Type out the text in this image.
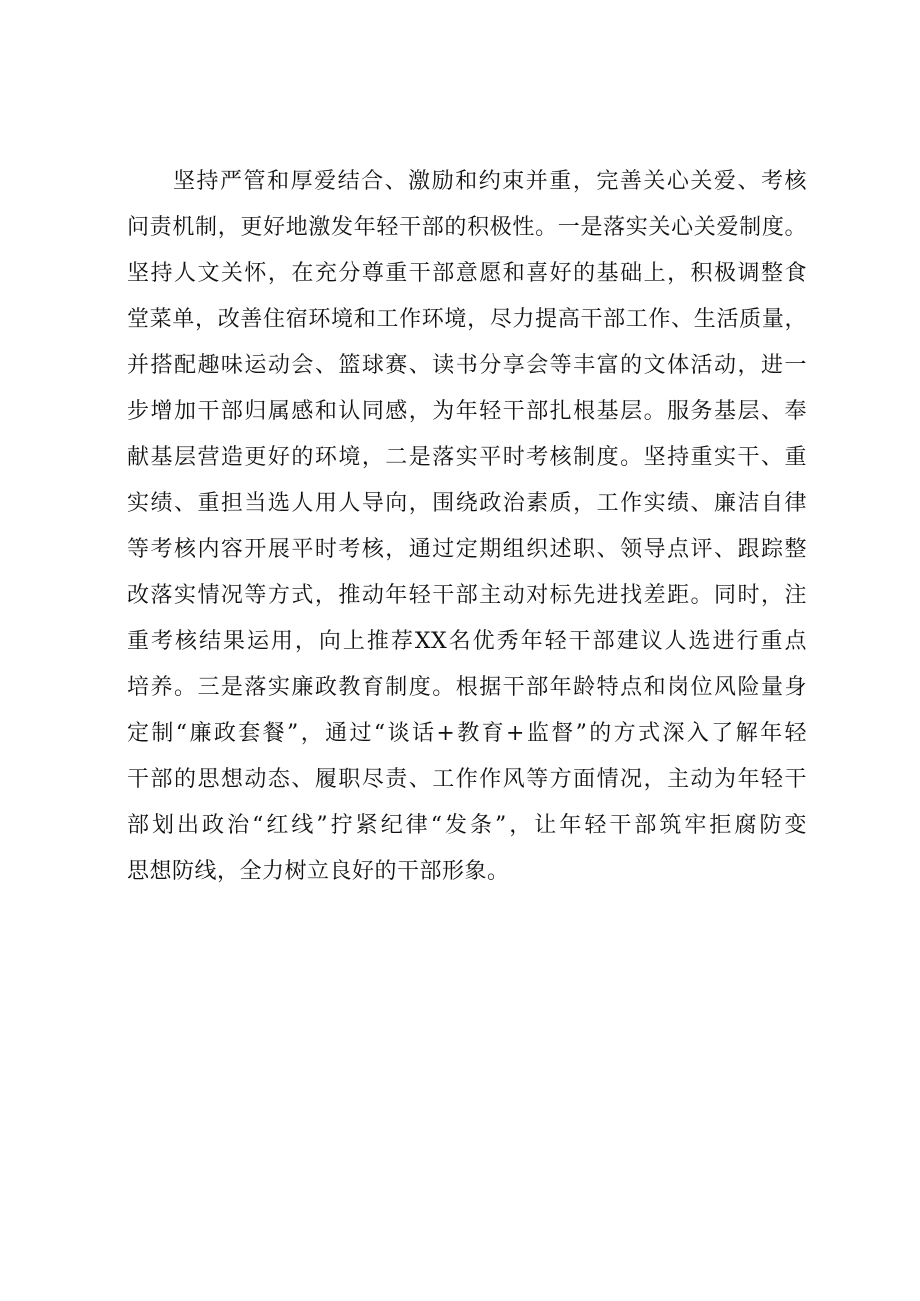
坚持严管和厚爱结合、激励和约束并重，完善关心关爱、考核
问责机制，更好地激发年轻干部的积极性。一是落实关心关爱制度。
坚持人文关怀，在充分尊重干部意愿和喜好的基础上，积极调整食
堂菜单，改善住宿环境和工作环境，尽力提高干部工作、生活质量，
并搭配趣味运动会、篮球赛、读书分享会等丰富的文体活动，进一
步增加干部归属感和认同感，为年轻干部扎根基层。服务基层、奉
献基层营造更好的环境，二是落实平时考核制度。坚持重实干、重
实绩、重担当选人用人导向，围绕政治素质，工作实绩、廉洁自律
等考核内容开展平时考核，通过定期组织述职、领导点评、跟踪整
改落实情况等方式，推动年轻干部主动对标先进找差距。同时，注
重考核结果运用，向上推荐XX名优秀年轻干部建议人选进行重点
培养。三是落实廉政教育制度。根据干部年龄特点和岗位风险量身
定制“廉政套餐”，通过“谈话+教育+监督”的方式深入了解年轻
干部的思想动态、履职尽责、工作作风等方面情况，主动为年轻干
部划出政治“红线”拧紧纪律“发条”，让年轻干部筑牢拒腐防变
思想防线，全力树立良好的干部形象。
